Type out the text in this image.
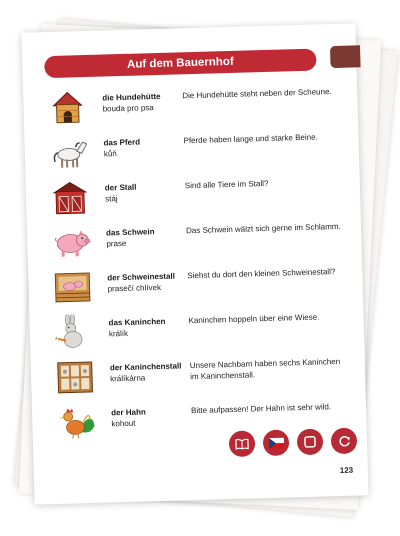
Auf dem Bauernhof
die Hundehütte
bouda pro psa
Die Hundehütte steht neben der Scheune.
das Pferd
kůň
Pferde haben lange und starke Beine.
der Stall
stáj
Sind alle Tiere im Stall?
das Schwein
prase
Das Schwein wälzt sich gerne im Schlamm.
der Schweinestall
prasečí chlívek
Siehst du dort den kleinen Schweinestall?
das Kaninchen
králík
Kaninchen hoppeln über eine Wiese.
der Kaninchenstall
králíkárna
Unsere Nachbarn haben sechs Kaninchen im Kaninchenstall.
der Hahn
kohout
Bitte aufpassen! Der Hahn ist sehr wild.
123
